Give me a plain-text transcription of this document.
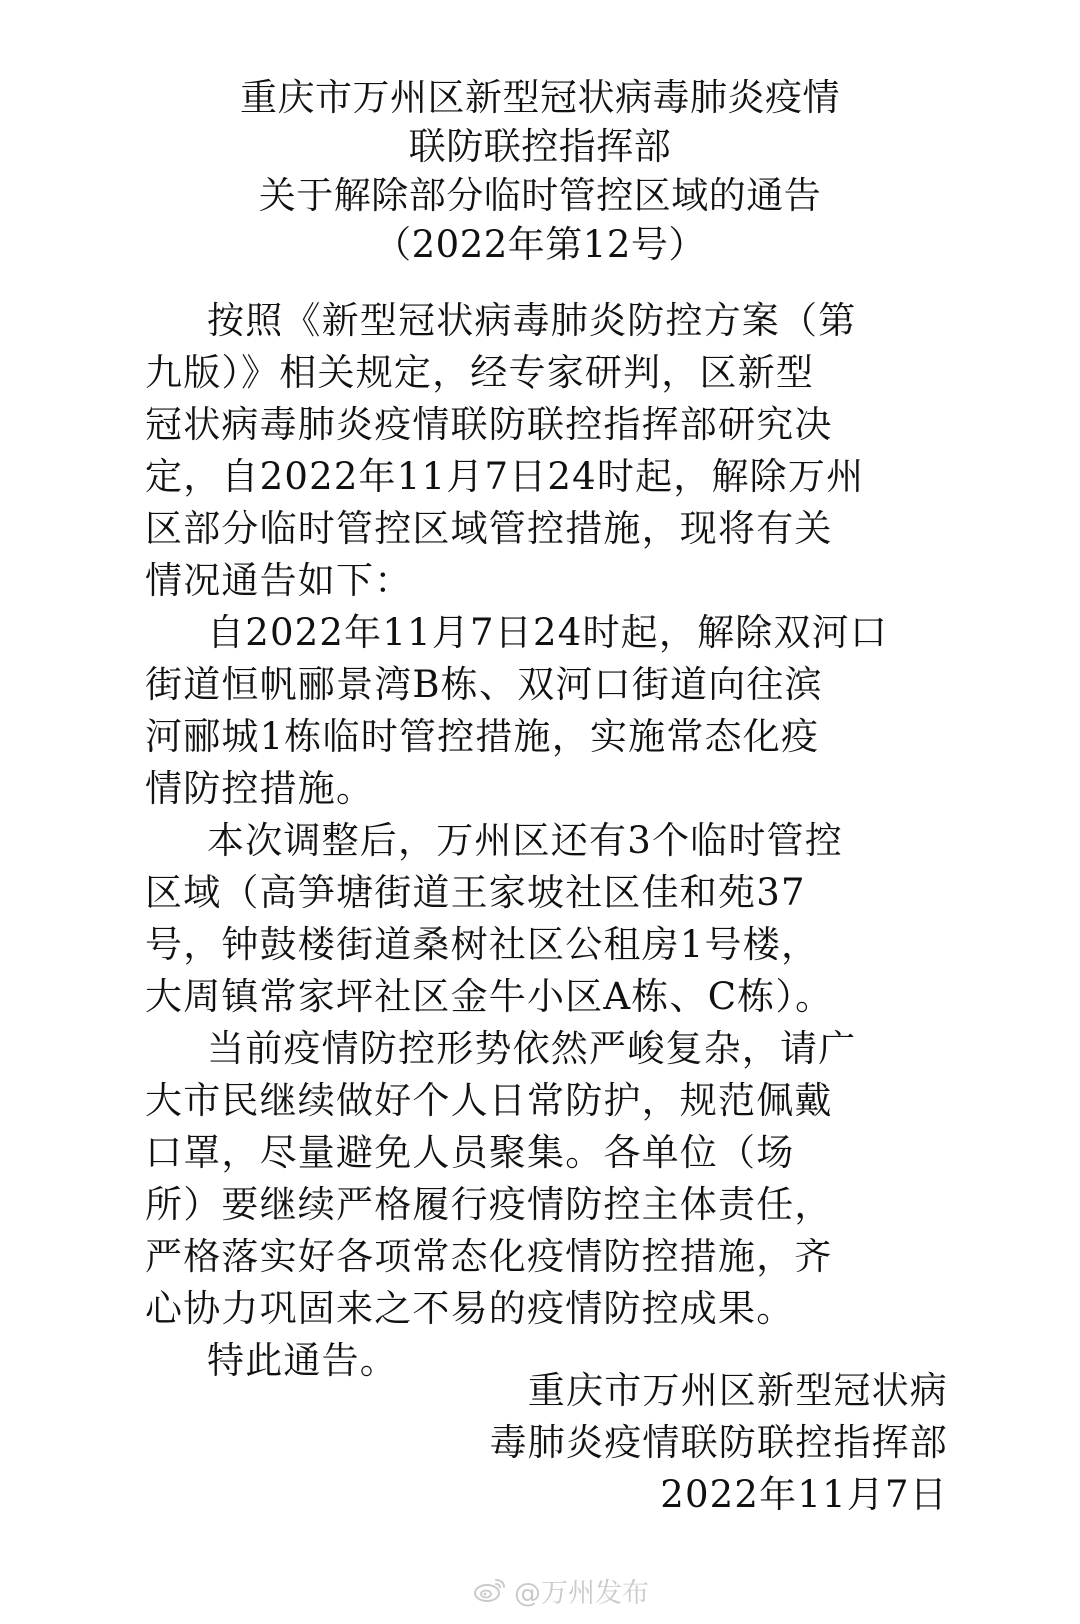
重庆市万州区新型冠状病毒肺炎疫情
联防联控指挥部
关于解除部分临时管控区域的通告
（2022年第12号）
按照《新型冠状病毒肺炎防控方案（第
九版）》相关规定，经专家研判，区新型
冠状病毒肺炎疫情联防联控指挥部研究决
定，自2022年11月7日24时起，解除万州
区部分临时管控区域管控措施，现将有关
情况通告如下：
自2022年11月7日24时起，解除双河口
街道恒帆郦景湾B栋、双河口街道向往滨
河郦城1栋临时管控措施，实施常态化疫
情防控措施。
本次调整后，万州区还有3个临时管控
区域（高笋塘街道王家坡社区佳和苑37
号，钟鼓楼街道桑树社区公租房1号楼，
大周镇常家坪社区金牛小区A栋、C栋）。
当前疫情防控形势依然严峻复杂，请广
大市民继续做好个人日常防护，规范佩戴
口罩，尽量避免人员聚集。各单位（场
所）要继续严格履行疫情防控主体责任，
严格落实好各项常态化疫情防控措施，齐
心协力巩固来之不易的疫情防控成果。
特此通告。
重庆市万州区新型冠状病
毒肺炎疫情联防联控指挥部
2022年11月7日
@万州发布
